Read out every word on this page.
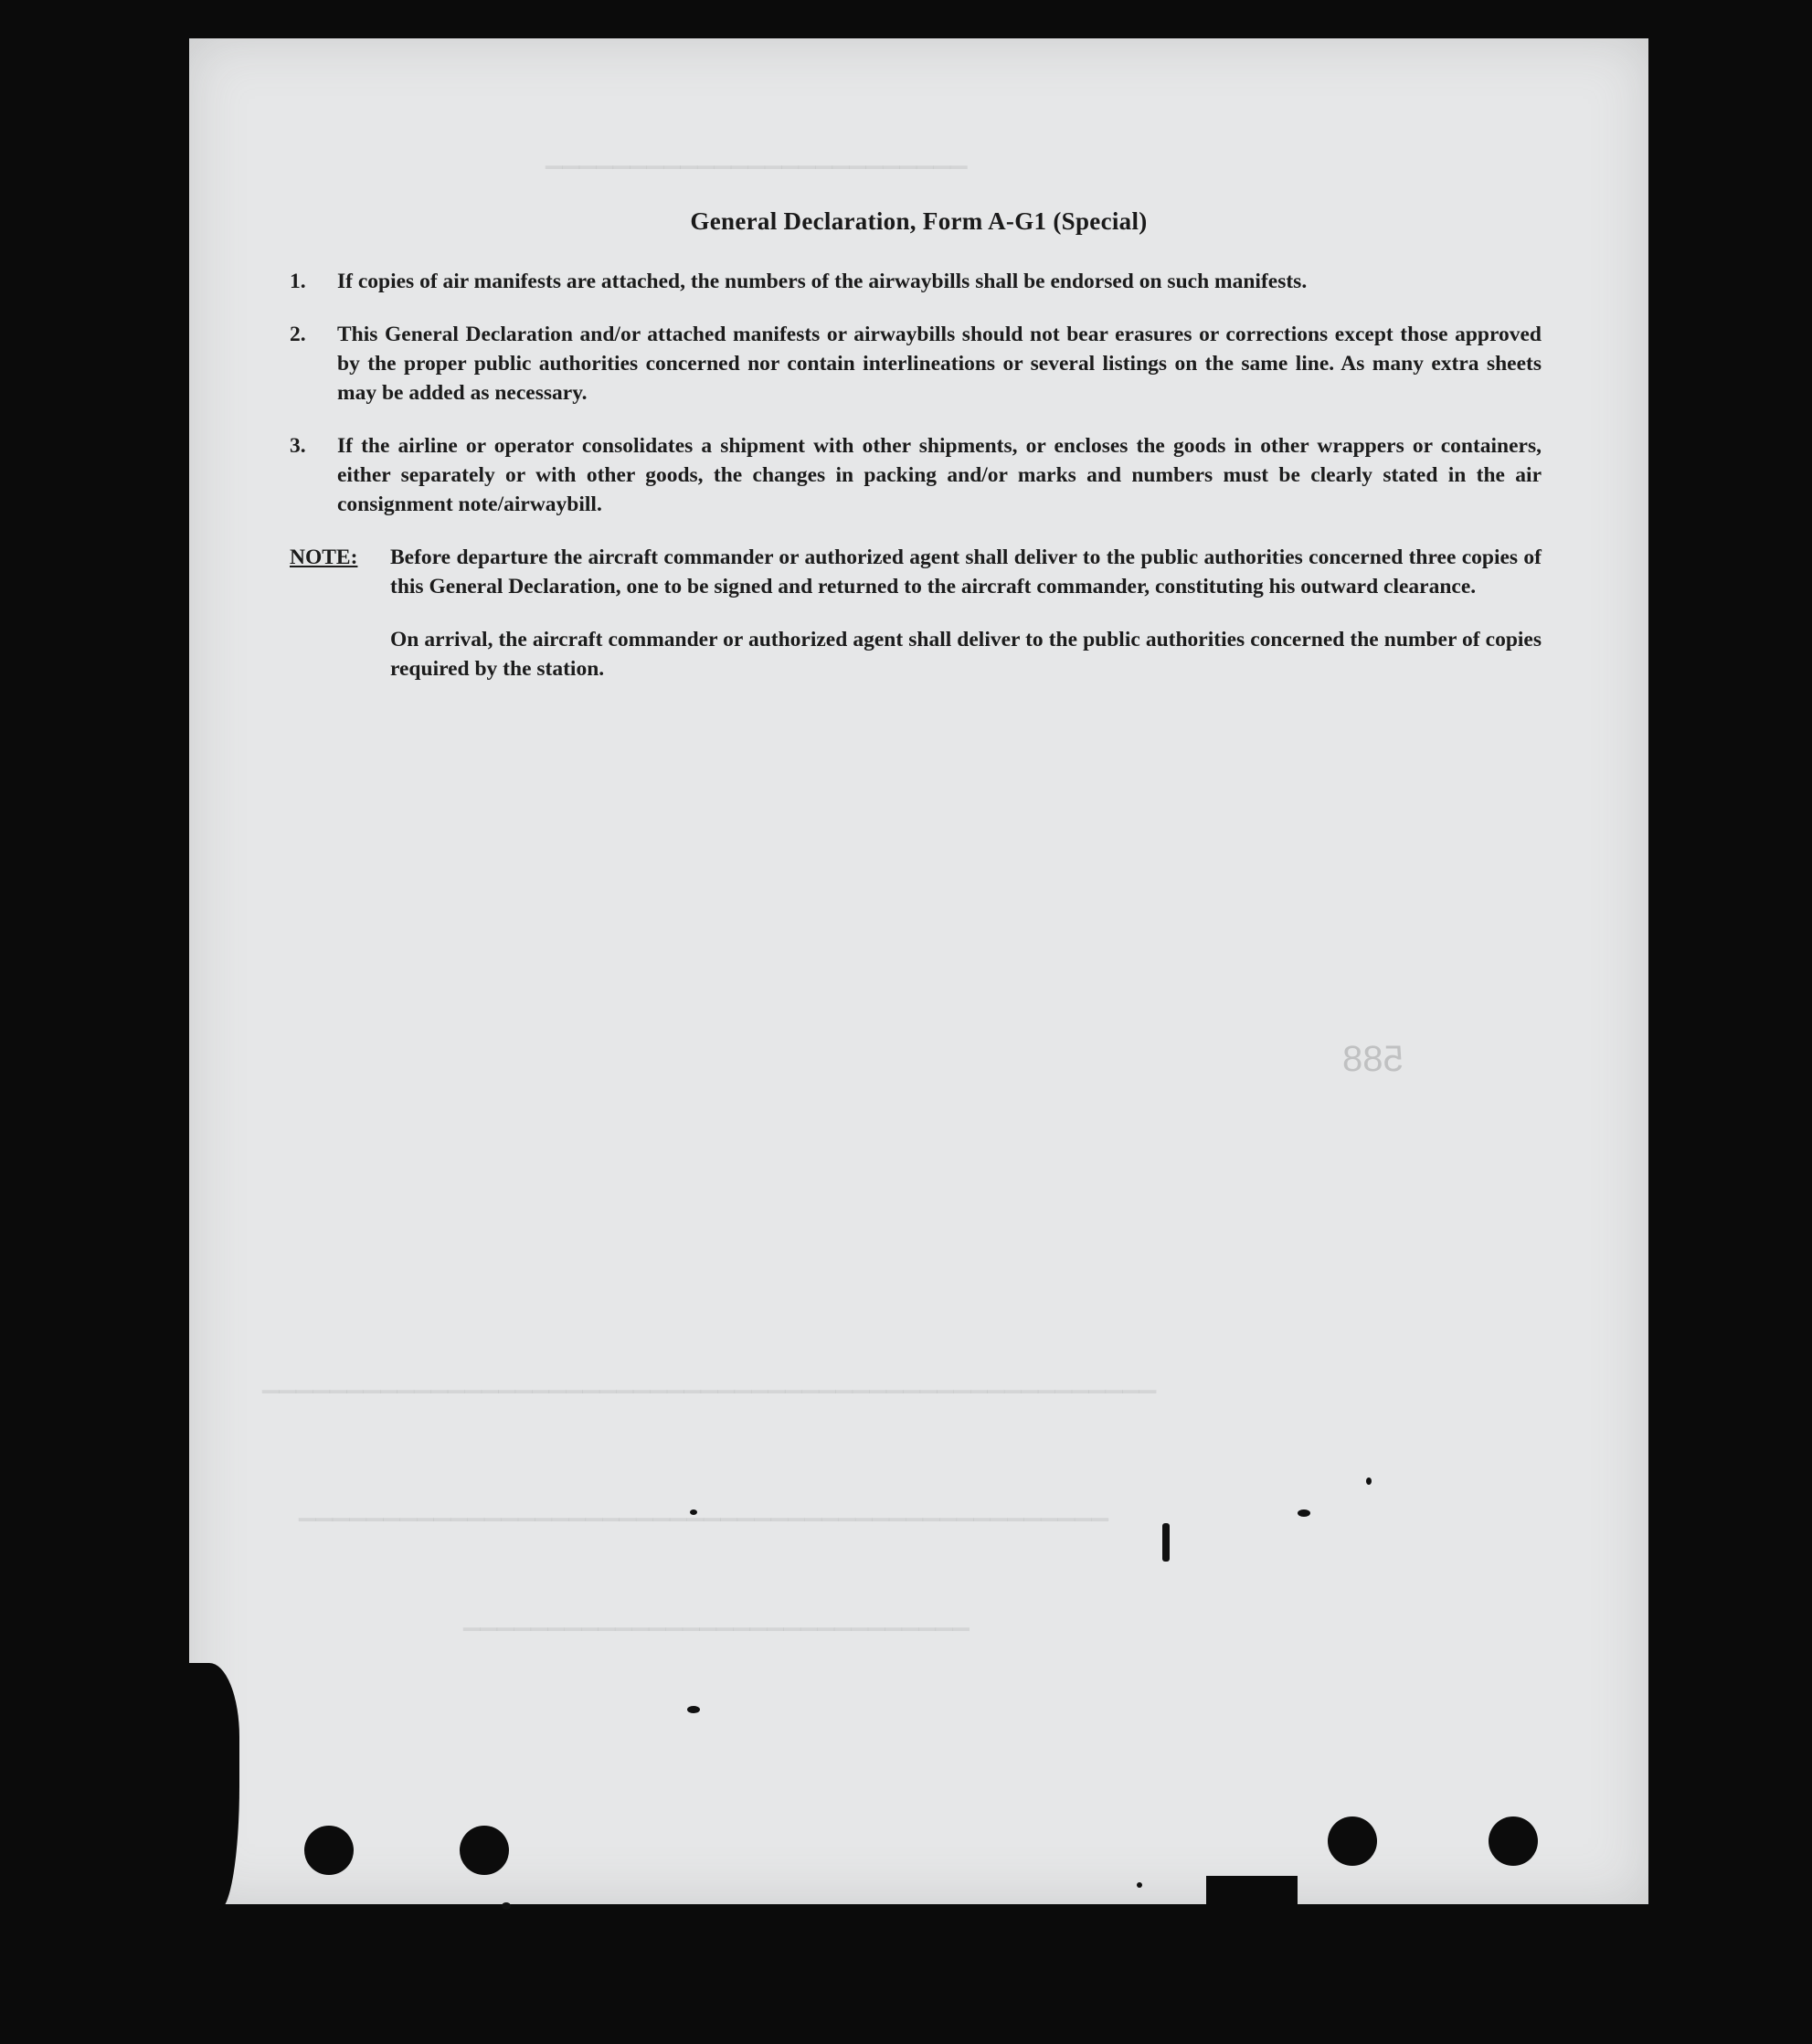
▔▔▔▔▔▔▔▔▔▔▔▔▔▔▔▔▔▔▔▔▔▔▔▔▔
▔▔▔▔▔▔▔▔▔▔▔▔▔▔▔▔▔▔▔▔▔▔▔▔▔▔▔▔▔▔▔▔▔▔▔▔▔▔▔▔▔▔▔▔▔▔▔▔▔▔▔▔▔
▔▔▔▔▔▔▔▔▔▔▔▔▔▔▔▔▔▔▔▔▔▔▔▔▔▔▔▔▔▔▔▔▔▔▔▔▔▔▔▔▔▔▔▔▔▔▔▔
▔▔▔▔▔▔▔▔▔▔▔▔▔▔▔▔▔▔▔▔▔▔▔▔▔▔▔▔▔▔
588
General Declaration, Form A-G1 (Special)
1.	If copies of air manifests are attached, the numbers of the airwaybills shall be endorsed on such manifests.
2.	This General Declaration and/or attached manifests or airwaybills should not bear erasures or corrections except those approved by the proper public authorities concerned nor contain interlineations or several listings on the same line. As many extra sheets may be added as necessary.
3.	If the airline or operator consolidates a shipment with other shipments, or encloses the goods in other wrappers or containers, either separately or with other goods, the changes in packing and/or marks and numbers must be clearly stated in the air consignment note/airwaybill.
NOTE:	Before departure the aircraft commander or authorized agent shall deliver to the public authorities concerned three copies of this General Declaration, one to be signed and returned to the aircraft commander, constituting his outward clearance.

On arrival, the aircraft commander or authorized agent shall deliver to the public authorities concerned the number of copies required by the station.
